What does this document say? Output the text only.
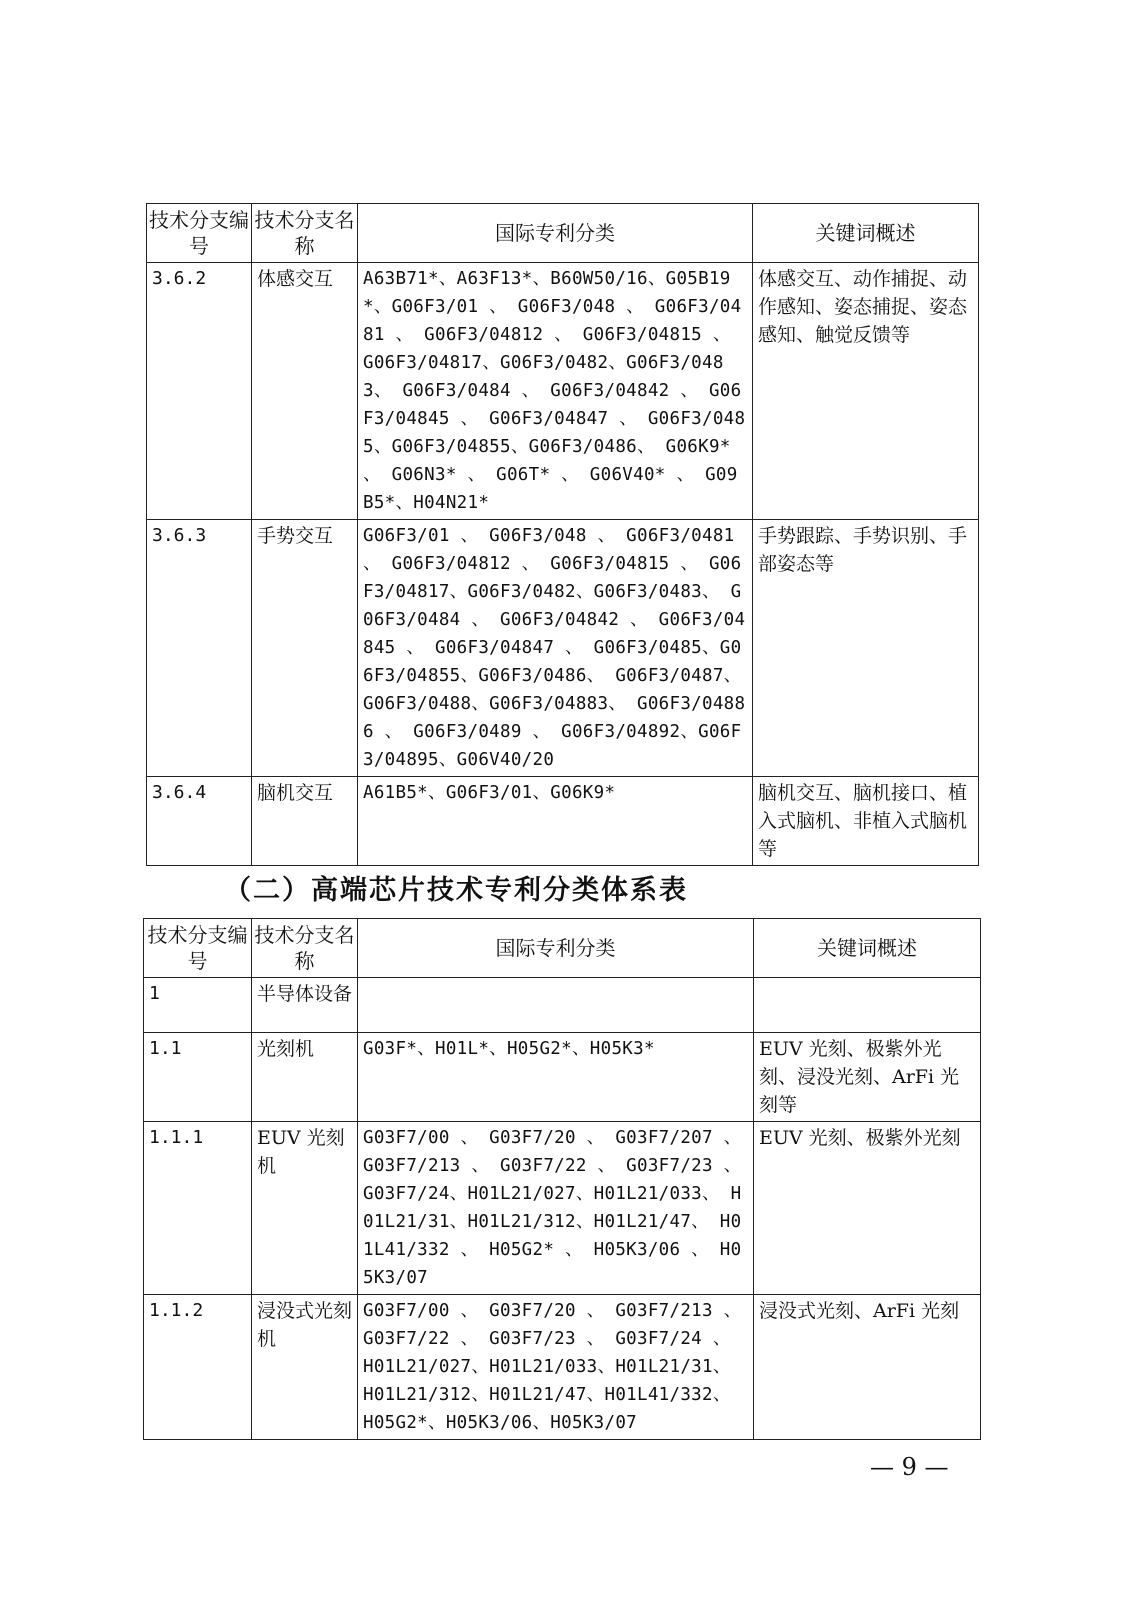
技术分支编号	技术分支名称	国际专利分类	关键词概述
3.6.2	体感交互	A63B71*、A63F13*、B60W50/16、G05B19*、G06F3/01 、 G06F3/048 、 G06F3/0481 、 G06F3/04812 、 G06F3/04815 、 G06F3/04817、G06F3/0482、G06F3/0483、 G06F3/0484 、 G06F3/04842 、 G06F3/04845 、 G06F3/04847 、 G06F3/0485、G06F3/04855、G06F3/0486、 G06K9* 、 G06N3* 、 G06T* 、 G06V40* 、 G09B5*、H04N21*	体感交互、动作捕捉、动作感知、姿态捕捉、姿态感知、触觉反馈等
3.6.3	手势交互	G06F3/01 、 G06F3/048 、 G06F3/0481 、 G06F3/04812 、 G06F3/04815 、 G06F3/04817、G06F3/0482、G06F3/0483、 G06F3/0484 、 G06F3/04842 、 G06F3/04845 、 G06F3/04847 、 G06F3/0485、G06F3/04855、G06F3/0486、 G06F3/0487、G06F3/0488、G06F3/04883、 G06F3/04886 、 G06F3/0489 、 G06F3/04892、G06F3/04895、G06V40/20	手势跟踪、手势识别、手部姿态等
3.6.4	脑机交互	A61B5*、G06F3/01、G06K9*	脑机交互、脑机接口、植入式脑机、非植入式脑机等
（二）高端芯片技术专利分类体系表
技术分支编号	技术分支名称	国际专利分类	关键词概述
1	半导体设备		
1.1	光刻机	G03F*、H01L*、H05G2*、H05K3*	EUV 光刻、极紫外光刻、浸没光刻、ArFi 光刻等
1.1.1	EUV 光刻机	G03F7/00 、 G03F7/20 、 G03F7/207 、 G03F7/213 、 G03F7/22 、 G03F7/23 、 G03F7/24、H01L21/027、H01L21/033、 H01L21/31、H01L21/312、H01L21/47、 H01L41/332 、 H05G2* 、 H05K3/06 、 H05K3/07	EUV 光刻、极紫外光刻
1.1.2	浸没式光刻机	G03F7/00 、 G03F7/20 、 G03F7/213 、 G03F7/22 、 G03F7/23 、 G03F7/24 、 H01L21/027、H01L21/033、H01L21/31、 H01L21/312、H01L21/47、H01L41/332、 H05G2*、H05K3/06、H05K3/07	浸没式光刻、ArFi 光刻
— 9 —
